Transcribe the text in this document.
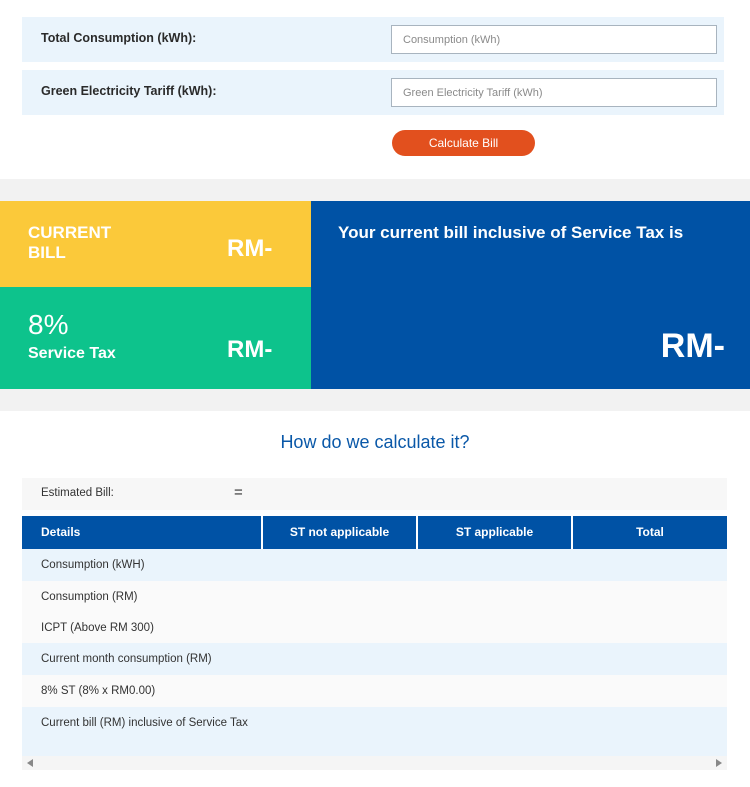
Total Consumption (kWh):
Consumption (kWh)
Green Electricity Tariff (kWh):
Green Electricity Tariff (kWh)
Calculate Bill
CURRENT BILL	RM-
8%
Service Tax	RM-
Your current bill inclusive of Service Tax is
RM-
How do we calculate it?
Estimated Bill:	=
Details	ST not applicable	ST applicable	Total
Consumption (kWH)
Consumption (RM)
ICPT (Above RM 300)
Current month consumption (RM)
8% ST (8% x RM0.00)
Current bill (RM) inclusive of Service Tax
